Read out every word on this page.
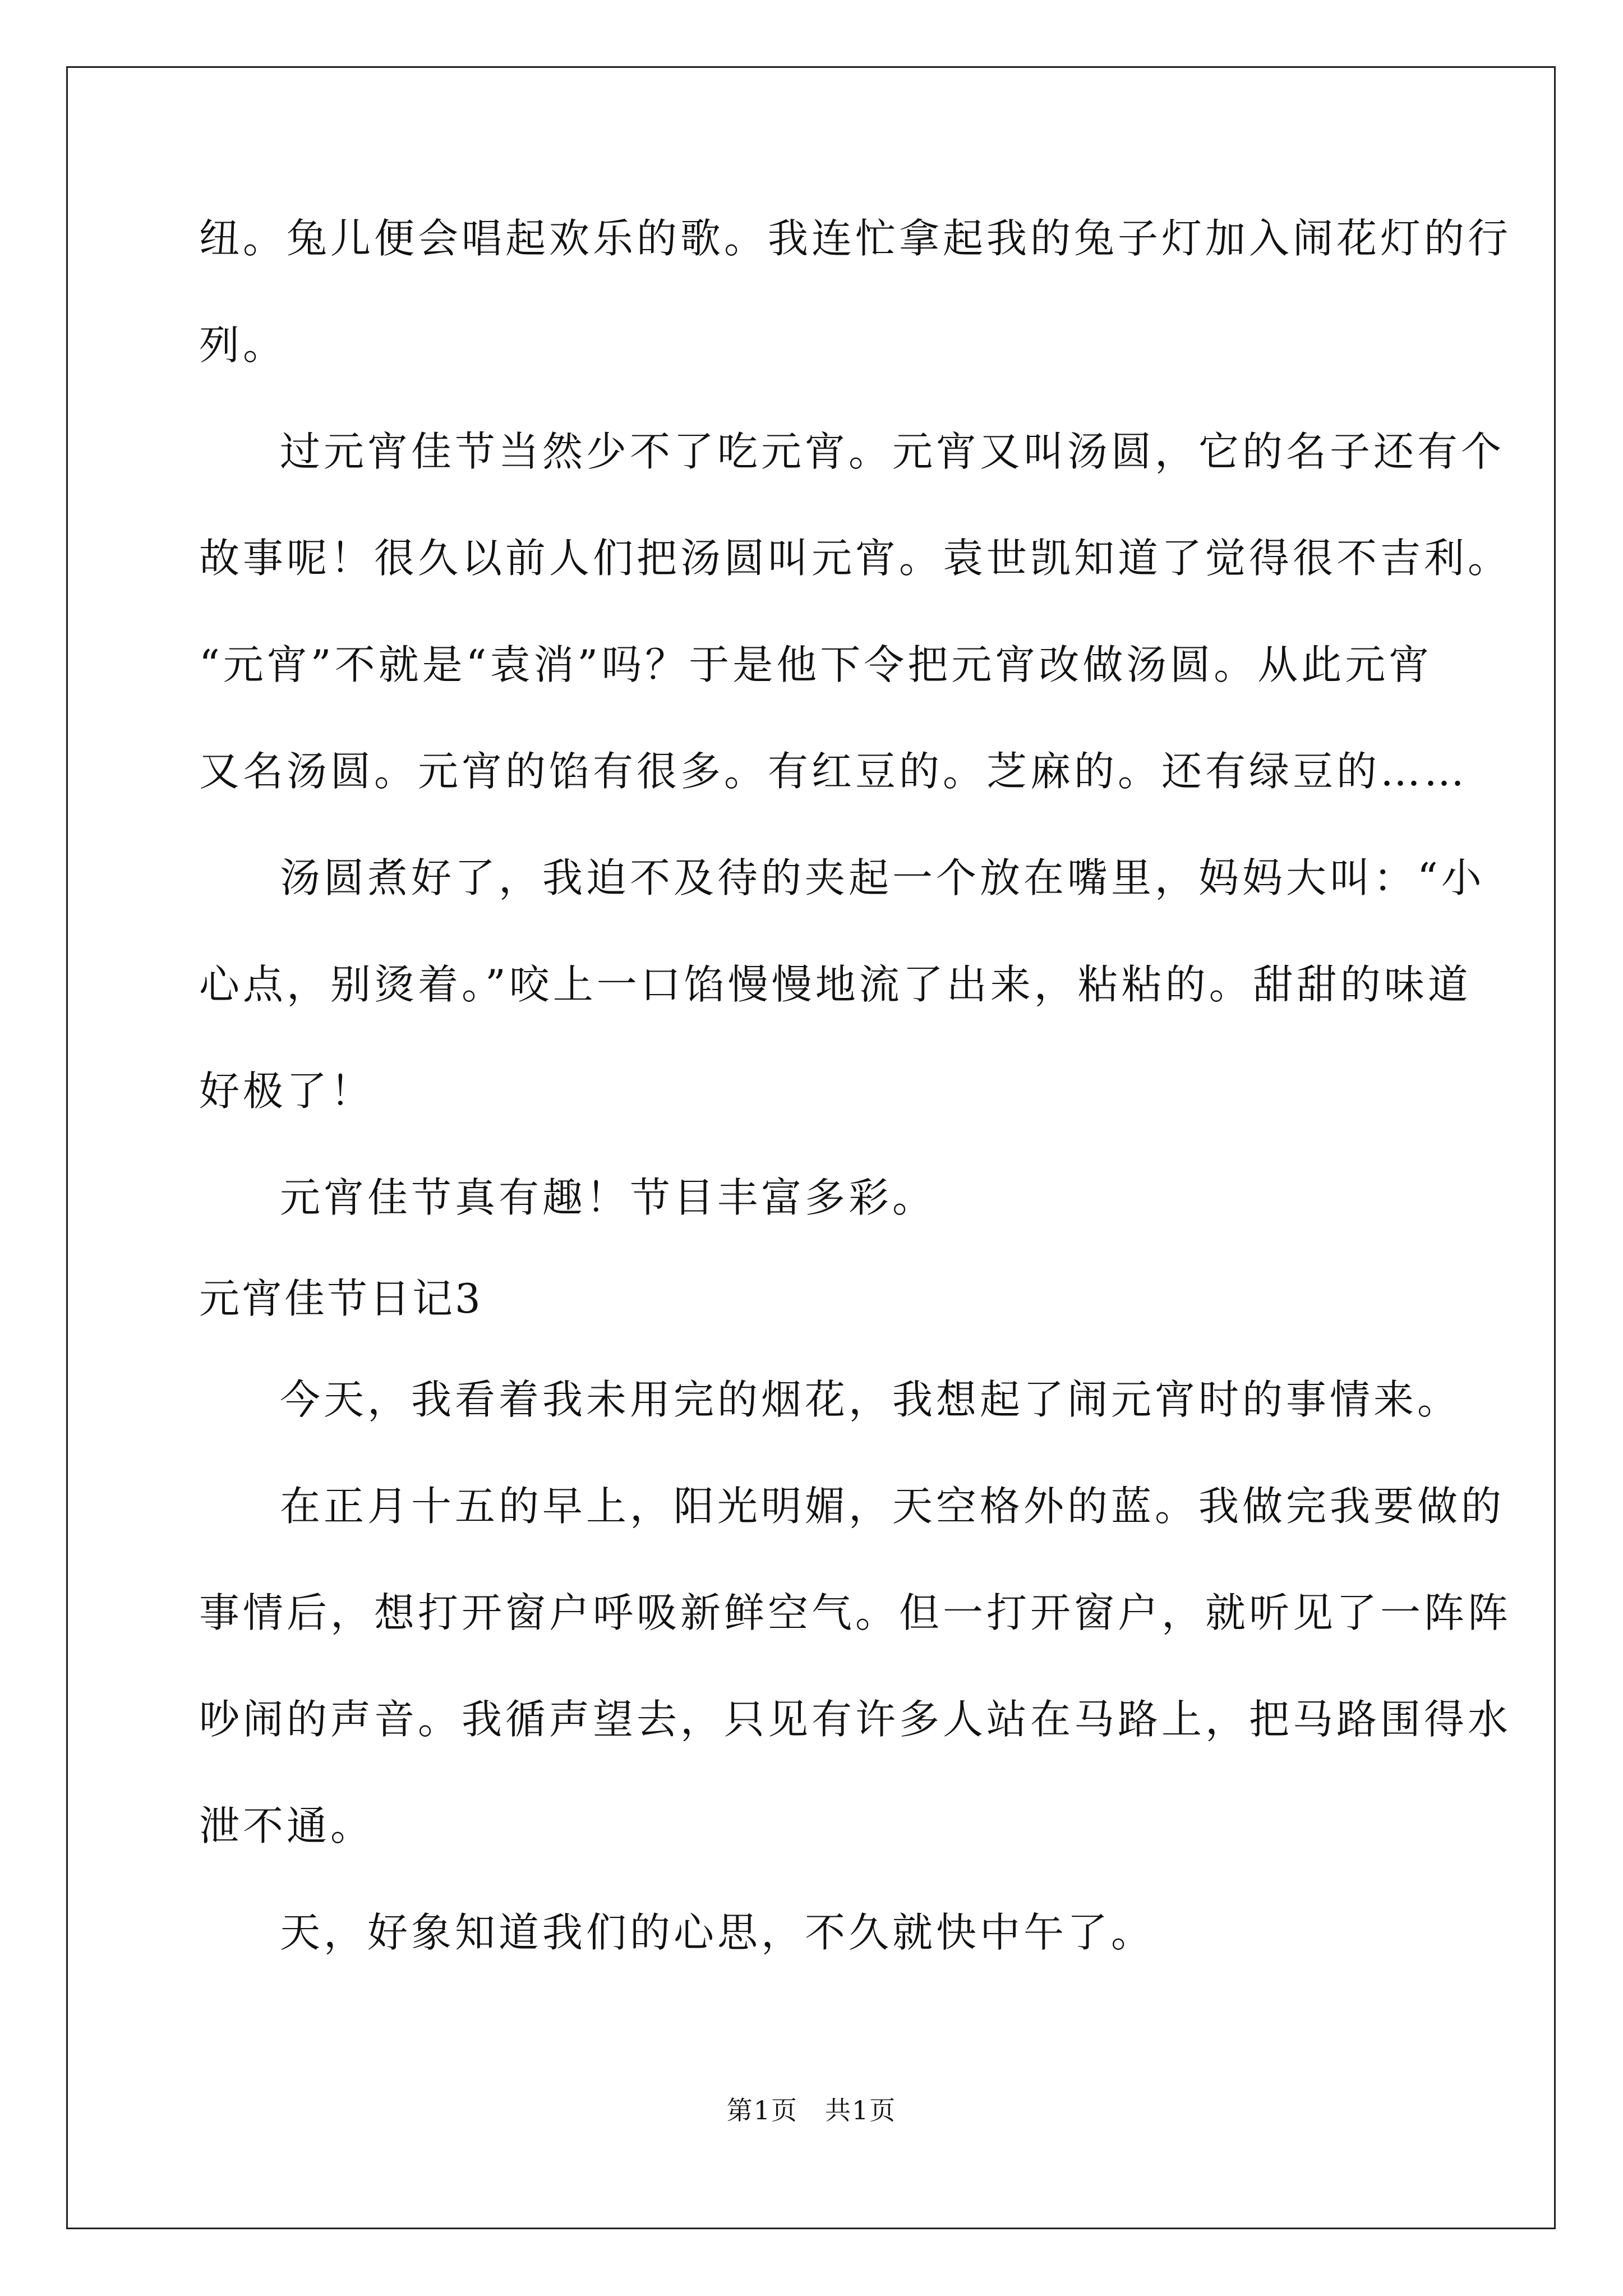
纽。兔儿便会唱起欢乐的歌。我连忙拿起我的兔子灯加入闹花灯的行
列。
过元宵佳节当然少不了吃元宵。元宵又叫汤圆，它的名子还有个
故事呢！很久以前人们把汤圆叫元宵。袁世凯知道了觉得很不吉利。
“元宵”不就是“袁消”吗？于是他下令把元宵改做汤圆。从此元宵
又名汤圆。元宵的馅有很多。有红豆的。芝麻的。还有绿豆的……
汤圆煮好了，我迫不及待的夹起一个放在嘴里，妈妈大叫：“小
心点，别烫着。”咬上一口馅慢慢地流了出来，粘粘的。甜甜的味道
好极了！
元宵佳节真有趣！节目丰富多彩。
元宵佳节日记3
今天，我看着我未用完的烟花，我想起了闹元宵时的事情来。
在正月十五的早上，阳光明媚，天空格外的蓝。我做完我要做的
事情后，想打开窗户呼吸新鲜空气。但一打开窗户，就听见了一阵阵
吵闹的声音。我循声望去，只见有许多人站在马路上，把马路围得水
泄不通。
天，好象知道我们的心思，不久就快中午了。
第1页　共1页
